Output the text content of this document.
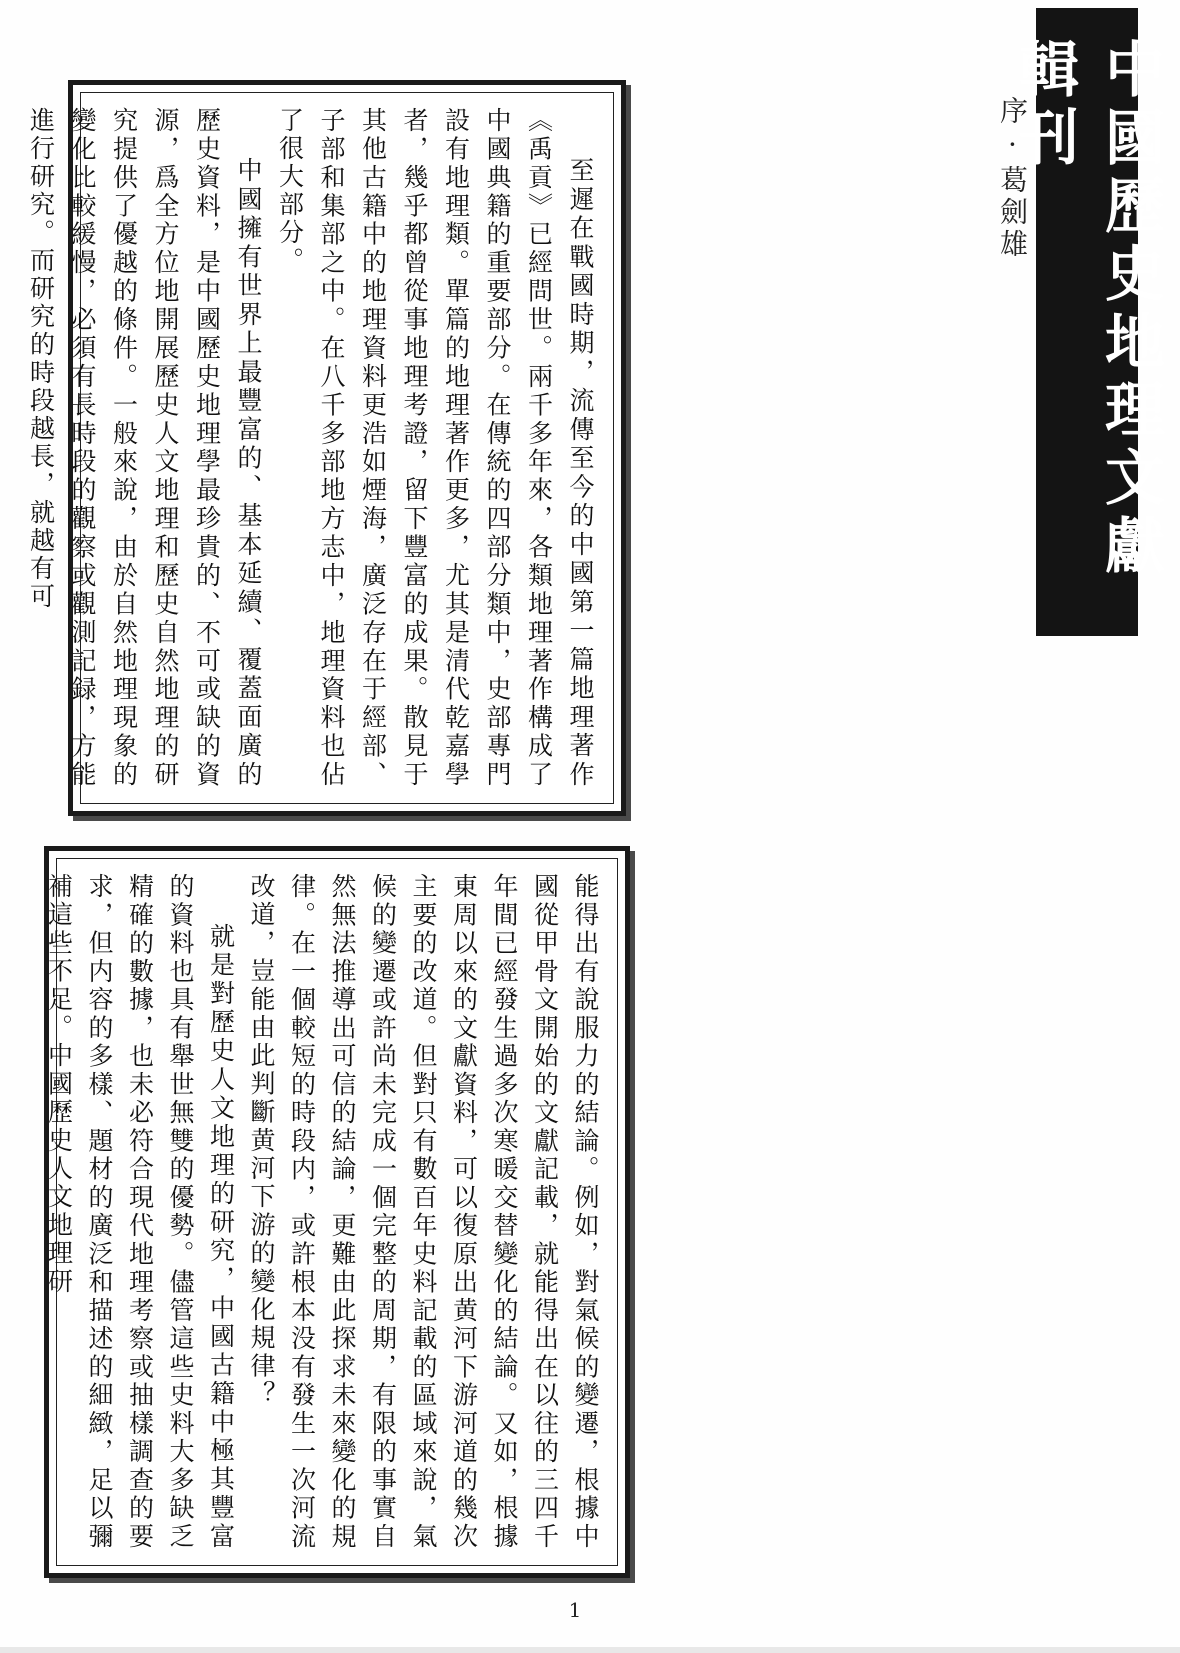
中國歷史地理文獻輯刊
序·葛劍雄

至遲在戰國時期，流傳至今的中國第一篇地理著作《禹貢》已經問世。兩千多年來，各類地理著作構成了中國典籍的重要部分。在傳統的四部分類中，史部專門設有地理類。單篇的地理著作更多，尤其是清代乾嘉學者，幾乎都曾從事地理考證，留下豐富的成果。散見于其他古籍中的地理資料更浩如煙海，廣泛存在于經部、子部和集部之中。在八千多部地方志中，地理資料也佔了很大部分。

中國擁有世界上最豐富的、基本延續、覆蓋面廣的歷史資料，是中國歷史地理學最珍貴的、不可或缺的資源，爲全方位地開展歷史人文地理和歷史自然地理的研究提供了優越的條件。一般來說，由於自然地理現象的變化比較緩慢，必須有長時段的觀察或觀測記録，方能進行研究。而研究的時段越長，就越有可

能得出有說服力的結論。例如，對氣候的變遷，根據中國從甲骨文開始的文獻記載，就能得出在以往的三四千年間已經發生過多次寒暖交替變化的結論。又如，根據東周以來的文獻資料，可以復原出黄河下游河道的幾次主要的改道。但對只有數百年史料記載的區域來說，氣候的變遷或許尚未完成一個完整的周期，有限的事實自然無法推導出可信的結論，更難由此探求未來變化的規律。在一個較短的時段内，或許根本没有發生一次河流改道，豈能由此判斷黄河下游的變化規律？

就是對歷史人文地理的研究，中國古籍中極其豐富的資料也具有舉世無雙的優勢。儘管這些史料大多缺乏精確的數據，也未必符合現代地理考察或抽樣調查的要求，但内容的多樣、題材的廣泛和描述的細緻，足以彌補這些不足。中國歷史人文地理研

1
